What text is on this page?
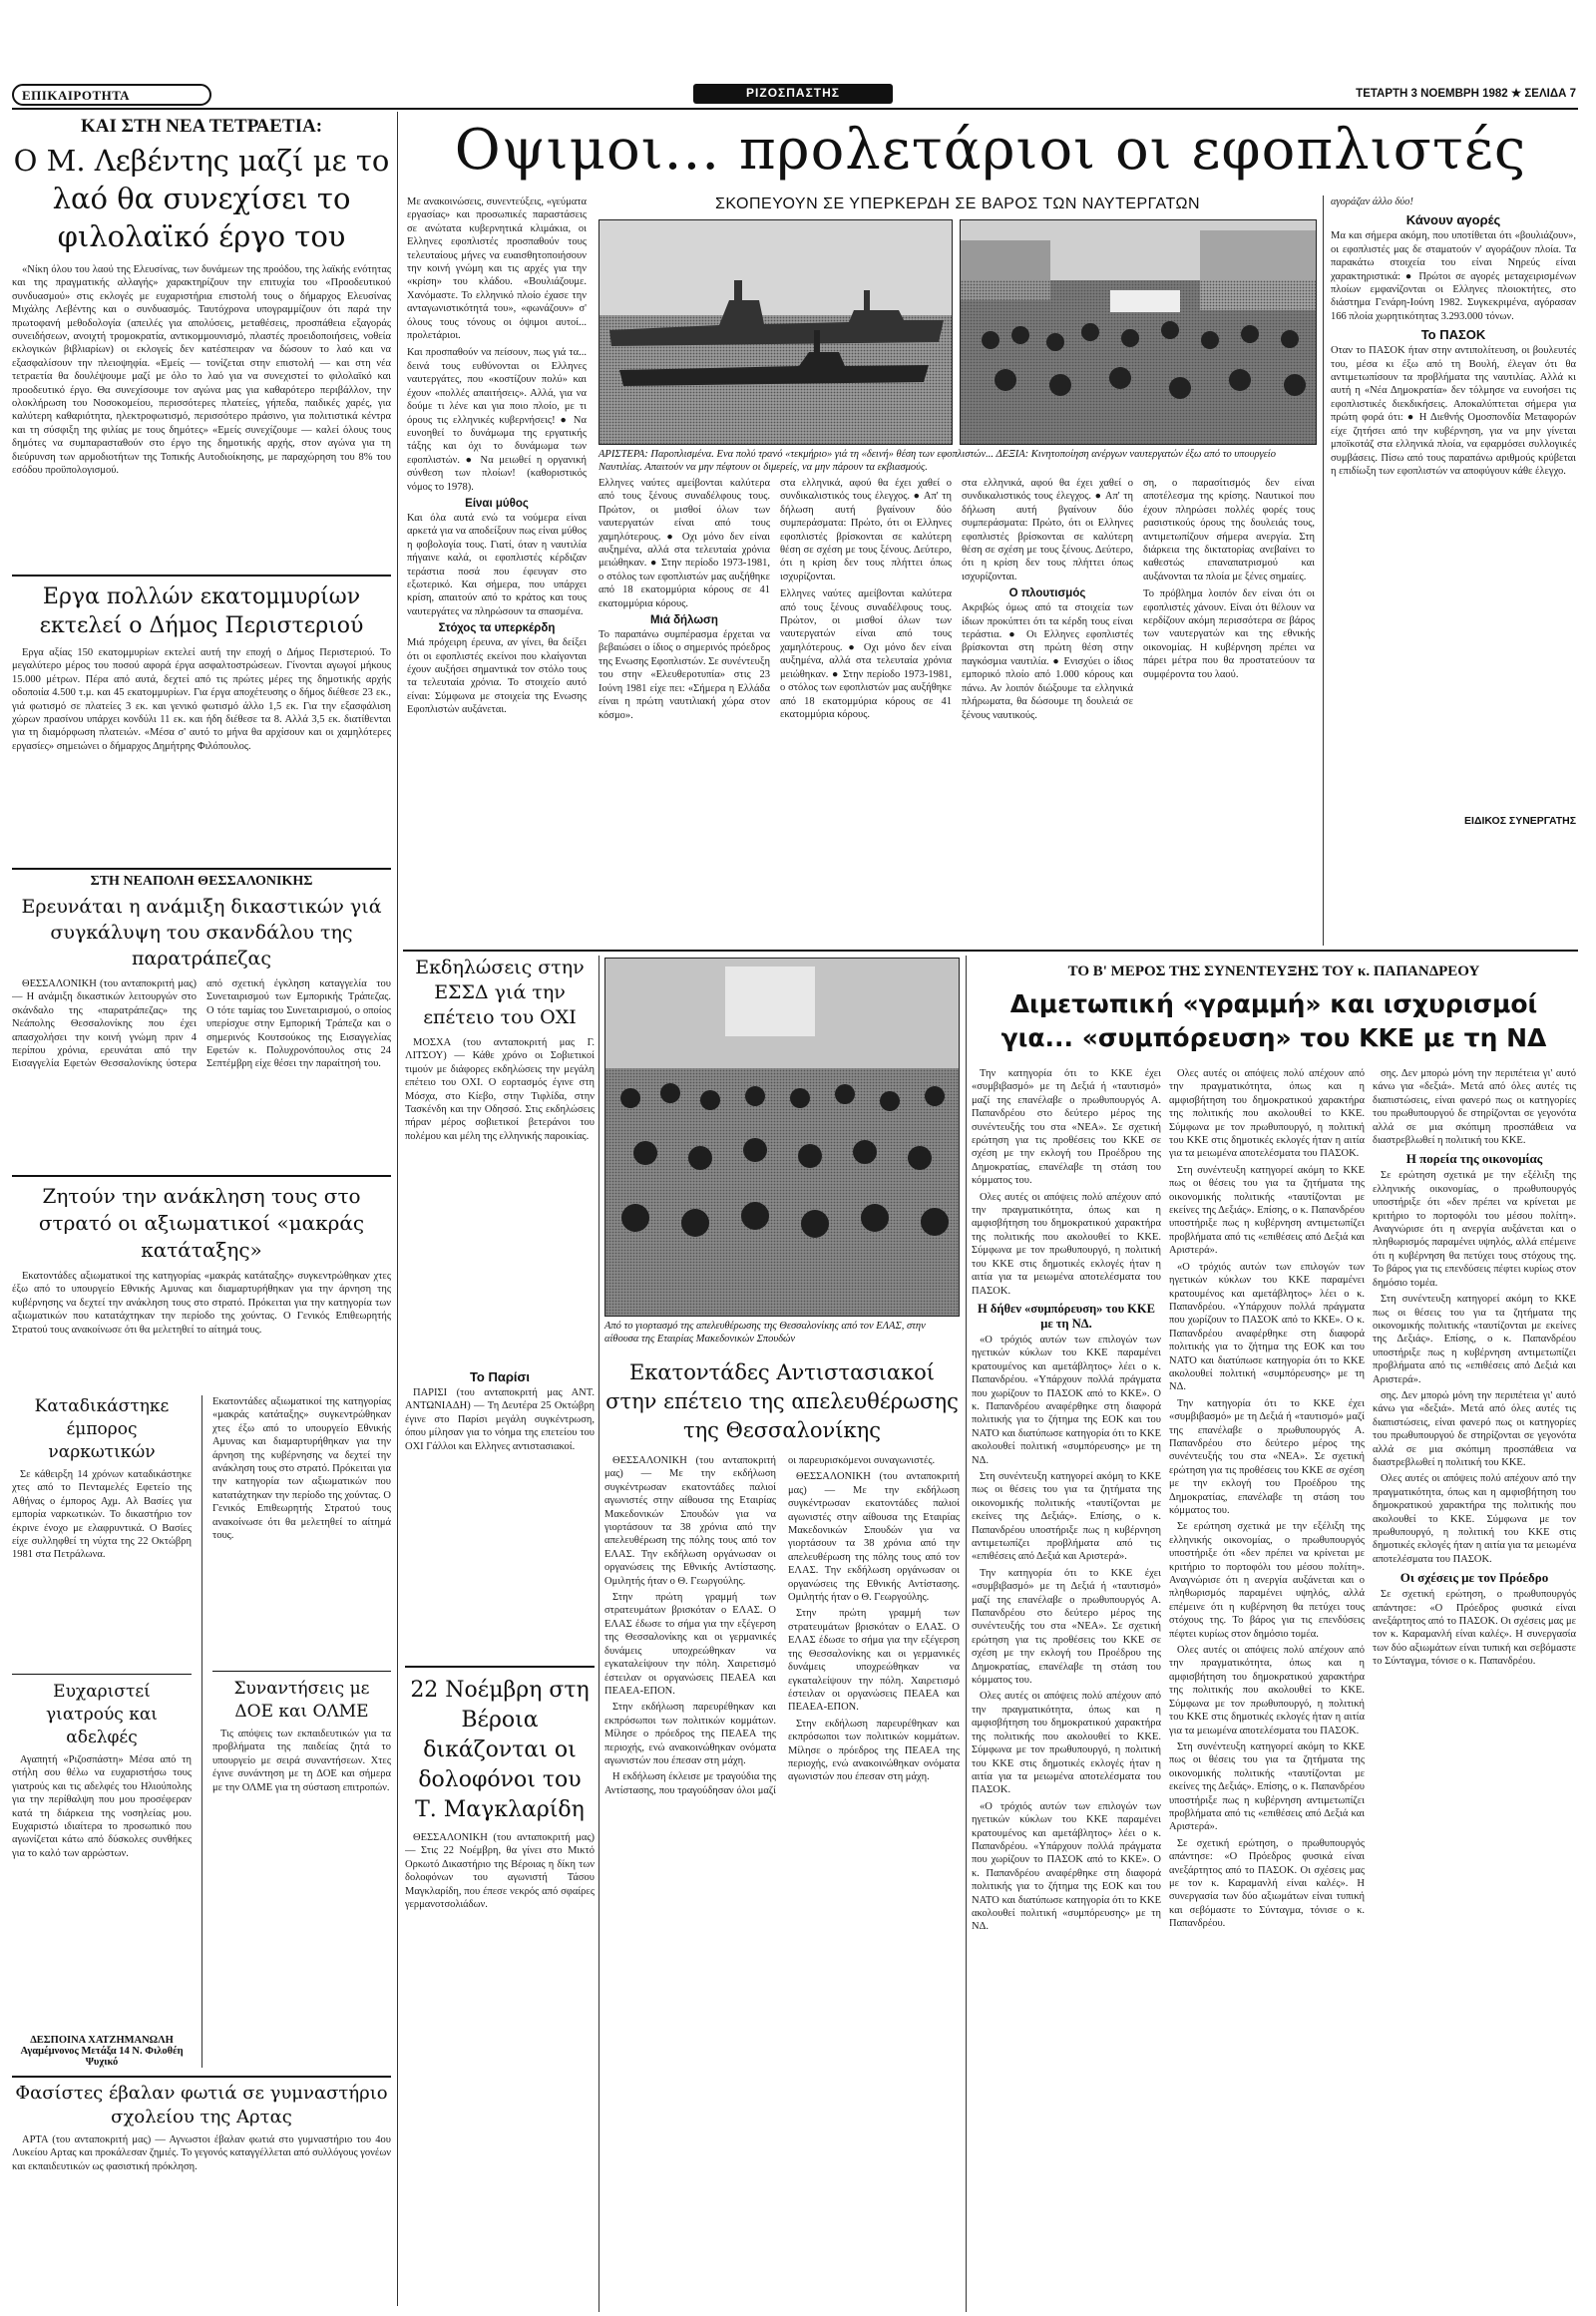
ΕΠΙΚΑΙΡΟΤΗΤΑ	ΡΙΖΟΣΠΑΣΤΗΣ	ΤΕΤΑΡΤΗ 3 ΝΟΕΜΒΡΗ 1982 ★ ΣΕΛΙΔΑ 7
ΚΑΙ ΣΤΗ ΝΕΑ ΤΕΤΡΑΕΤΙΑ:
Ο Μ. Λεβέντης μαζί με το λαό θα συνεχίσει το φιλολαϊκό έργο του
«Νίκη όλου του λαού της Ελευσίνας, των δυνάμεων της προόδου, της λαϊκής ενότητας και της πραγματικής αλλαγής» χαρακτηρίζουν την επιτυχία του «Προοδευτικού συνδυασμού» στις εκλογές με ευχαριστήρια επιστολή τους ο δήμαρχος Ελευσίνας Μιχάλης Λεβέντης και ο συνδυασμός. Ταυτόχρονα υπογραμμίζουν ότι παρά την πρωτοφανή μεθοδολογία (απειλές για απολύσεις, μεταθέσεις, προσπάθεια εξαγοράς συνειδήσεων, ανοιχτή τρομοκρατία, αντικομμουνισμό, πλαστές προειδοποιήσεις, νοθεία εκλογικών βιβλιαρίων) οι εκλογείς δεν κατέσπειραν να δώσουν το λαό και να εξασφαλίσουν την πλειοψηφία. «Εμείς — τονίζεται στην επιστολή — και στη νέα τετραετία θα δουλέψουμε μαζί με όλο το λαό για να συνεχιστεί το φιλολαϊκό και προοδευτικό έργο. Θα συνεχίσουμε τον αγώνα μας για καθαρότερο περιβάλλον, την ολοκλήρωση του Νοσοκομείου, περισσότερες πλατείες, γήπεδα, παιδικές χαρές, για καλύτερη καθαριότητα, ηλεκτροφωτισμό, περισσότερο πράσινο, για πολιτιστικά κέντρα και τη σύσφιξη της φιλίας με τους δημότες» «Εμείς συνεχίζουμε — καλεί όλους τους δημότες να συμπαρασταθούν στο έργο της δημοτικής αρχής, στον αγώνα για τη διεύρυνση των αρμοδιοτήτων της Τοπικής Αυτοδιοίκησης, με παραχώρηση του 8% του εσόδου προϋπολογισμού.
Εργα πολλών εκατομμυρίων εκτελεί ο Δήμος Περιστεριού
Εργα αξίας 150 εκατομμυρίων εκτελεί αυτή την εποχή ο Δήμος Περιστεριού. Το μεγαλύτερο μέρος του ποσού αφορά έργα ασφαλτοστρώσεων. Γίνονται αγωγοί μήκους 15.000 μέτρων. Πέρα από αυτά, δεχτεί από τις πρώτες μέρες της δημοτικής αρχής οδοποιία 4.500 τ.μ. και 45 εκατομμυρίων. Για έργα αποχέτευσης ο δήμος διέθεσε 23 εκ., γιά φωτισμό σε πλατείες 3 εκ. και γενικό φωτισμό άλλο 1,5 εκ. Για την εξασφάλιση χώρων πρασίνου υπάρχει κονδύλι 11 εκ. και ήδη διέθεσε τα 8. Αλλά 3,5 εκ. διατίθενται για τη διαμόρφωση πλατειών. «Μέσα σ' αυτό το μήνα θα αρχίσουν και οι χαμηλότερες εργασίες» σημειώνει ο δήμαρχος Δημήτρης Φιλόπουλος.
ΣΤΗ ΝΕΑΠΟΛΗ ΘΕΣΣΑΛΟΝΙΚΗΣ
Ερευνάται η ανάμιξη δικαστικών γιά συγκάλυψη του σκανδάλου της παρατράπεζας
ΘΕΣΣΑΛΟΝΙΚΗ (του ανταποκριτή μας) — Η ανάμιξη δικαστικών λειτουργών στο σκάνδαλο της «παρατράπεζας» της Νεάπολης Θεσσαλονίκης που έχει απασχολήσει την κοινή γνώμη πριν 4 περίπου χρόνια, ερευνάται από την Εισαγγελία Εφετών Θεσσαλονίκης ύστερα από σχετική έγκληση καταγγελία του Συνεταιρισμού των Εμπορικής Τράπεζας. Ο τότε ταμίας του Συνεταιρισμού, ο οποίος υπερίσχυε στην Εμπορική Τράπεζα και ο σημερινός Κουτσούκος της Εισαγγελίας Εφετών κ. Πολυχρονόπουλος στις 24 Σεπτέμβρη είχε θέσει την παραίτησή του.
Ζητούν την ανάκληση τους στο στρατό οι αξιωματικοί «μακράς κατάταξης»
Εκατοντάδες αξιωματικοί της κατηγορίας «μακράς κατάταξης» συγκεντρώθηκαν χτες έξω από το υπουργείο Εθνικής Αμυνας και διαμαρτυρήθηκαν για την άρνηση της κυβέρνησης να δεχτεί την ανάκληση τους στο στρατό. Πρόκειται για την κατηγορία των αξιωματικών που κατατάχτηκαν την περίοδο της χούντας. Ο Γενικός Επιθεωρητής Στρατού τους ανακοίνωσε ότι θα μελετηθεί το αίτημά τους.
Καταδικάστηκε έμπορος ναρκωτικών
Σε κάθειρξη 14 χρόνων καταδικάστηκε χτες από το Πενταμελές Εφετείο της Αθήνας ο έμπορος Αχμ. Αλ Βασίες για εμπορία ναρκωτικών. Το δικαστήριο τον έκρινε ένοχο με ελαφρυντικά. Ο Βασίες είχε συλληφθεί τη νύχτα της 22 Οκτώβρη 1981 στα Πετράλωνα.
Ευχαριστεί γιατρούς και αδελφές
Αγαπητή «Ριζοσπάστη» Μέσα από τη στήλη σου θέλω να ευχαριστήσω τους γιατρούς και τις αδελφές του Ηλιούπολης για την περίθαλψη που μου προσέφεραν κατά τη διάρκεια της νοσηλείας μου. Ευχαριστώ ιδιαίτερα το προσωπικό που αγωνίζεται κάτω από δύσκολες συνθήκες για το καλό των αρρώστων.
ΔΕΣΠΟΙΝΑ ΧΑΤΖΗΜΑΝΩΛΗ Αγαμέμνονος Μετάξα 14 Ν. Φιλοθέη Ψυχικό
Εκατοντάδες αξιωματικοί της κατηγορίας «μακράς κατάταξης» συγκεντρώθηκαν χτες έξω από το υπουργείο Εθνικής Αμυνας και διαμαρτυρήθηκαν για την άρνηση της κυβέρνησης να δεχτεί την ανάκληση τους στο στρατό. Πρόκειται για την κατηγορία των αξιωματικών που κατατάχτηκαν την περίοδο της χούντας. Ο Γενικός Επιθεωρητής Στρατού τους ανακοίνωσε ότι θα μελετηθεί το αίτημά τους.
Συναντήσεις με ΔΟΕ και ΟΛΜΕ
Τις απόψεις των εκπαιδευτικών για τα προβλήματα της παιδείας ζητά το υπουργείο με σειρά συναντήσεων. Χτες έγινε συνάντηση με τη ΔΟΕ και σήμερα με την ΟΛΜΕ για τη σύσταση επιτροπών.
Φασίστες έβαλαν φωτιά σε γυμναστήριο σχολείου της Αρτας
ΑΡΤΑ (του ανταποκριτή μας) — Αγνωστοι έβαλαν φωτιά στο γυμναστήριο του 4ου Λυκείου Αρτας και προκάλεσαν ζημιές. Το γεγονός καταγγέλλεται από συλλόγους γονέων και εκπαιδευτικών ως φασιστική πρόκληση.
Οψιμοι... προλετάριοι οι εφοπλιστές
Με ανακοινώσεις, συνεντεύξεις, «γεύματα εργασίας» και προσωπικές παραστάσεις σε ανώτατα κυβερνητικά κλιμάκια, οι Ελληνες εφοπλιστές προσπαθούν τους τελευταίους μήνες να ευαισθητοποιήσουν την κοινή γνώμη και τις αρχές για την «κρίση» του κλάδου. «Βουλιάζουμε. Χανόμαστε. Το ελληνικό πλοίο έχασε την ανταγωνιστικότητά του», «φωνάζουν» σ' όλους τους τόνους οι όψιμοι αυτοί... προλετάριοι.
Και προσπαθούν να πείσουν, πως γιά τα... δεινά τους ευθύνονται οι Ελληνες ναυτεργάτες, που «κοστίζουν πολύ» και έχουν «πολλές απαιτήσεις». Αλλά, για να δούμε τι λένε και για ποιο πλοίο, με τι όρους τις ελληνικές κυβερνήσεις! ● Να ευνοηθεί το δυνάμωμα της εργατικής τάξης και όχι το δυνάμωμα των εφοπλιστών. ● Να μειωθεί η οργανική σύνθεση των πλοίων! (καθοριστικός νόμος το 1978).
Είναι μύθος
Και όλα αυτά ενώ τα νούμερα είναι αρκετά για να αποδείξουν πως είναι μύθος η φοβολογία τους. Γιατί, όταν η ναυτιλία πήγαινε καλά, οι εφοπλιστές κέρδιζαν τεράστια ποσά που έφευγαν στο εξωτερικό. Και σήμερα, που υπάρχει κρίση, απαιτούν από το κράτος και τους ναυτεργάτες να πληρώσουν τα σπασμένα.
Στόχος τα υπερκέρδη
Μιά πρόχειρη έρευνα, αν γίνει, θα δείξει ότι οι εφοπλιστές εκείνοι που κλαίγονται έχουν αυξήσει σημαντικά τον στόλο τους τα τελευταία χρόνια. Το στοιχείο αυτό είναι: Σύμφωνα με στοιχεία της Ενωσης Εφοπλιστών αυξάνεται.
ΣΚΟΠΕΥΟΥΝ ΣΕ ΥΠΕΡΚΕΡΔΗ ΣΕ ΒΑΡΟΣ ΤΩΝ ΝΑΥΤΕΡΓΑΤΩΝ
ΑΡΙΣΤΕΡΑ: Παροπλισμένα. Ενα πολύ τρανό «τεκμήριο» γιά τη «δεινή» θέση των εφοπλιστών... ΔΕΞΙΑ: Κινητοποίηση ανέργων ναυτεργατών έξω από το υπουργείο Ναυτιλίας. Απαιτούν να μην πέφτουν οι διμερείς, να μην πάρουν τα εκβιασμούς.
Ελληνες ναύτες αμείβονται καλύτερα από τους ξένους συναδέλφους τους. Πρώτον, οι μισθοί όλων των ναυτεργατών είναι από τους χαμηλότερους. ● Οχι μόνο δεν είναι αυξημένα, αλλά στα τελευταία χρόνια μειώθηκαν. ● Στην περίοδο 1973-1981, ο στόλος των εφοπλιστών μας αυξήθηκε από 18 εκατομμύρια κόρους σε 41 εκατομμύρια κόρους.
Μιά δήλωση
Το παραπάνω συμπέρασμα έρχεται να βεβαιώσει ο ίδιος ο σημερινός πρόεδρος της Ενωσης Εφοπλιστών. Σε συνέντευξη του στην «Ελευθεροτυπία» στις 23 Ιούνη 1981 είχε πει: «Σήμερα η Ελλάδα είναι η πρώτη ναυτιλιακή χώρα στον κόσμο».
στα ελληνικά, αφού θα έχει χαθεί ο συνδικαλιστικός τους έλεγχος. ● Απ' τη δήλωση αυτή βγαίνουν δύο συμπεράσματα: Πρώτο, ότι οι Ελληνες εφοπλιστές βρίσκονται σε καλύτερη θέση σε σχέση με τους ξένους. Δεύτερο, ότι η κρίση δεν τους πλήττει όπως ισχυρίζονται.
Ελληνες ναύτες αμείβονται καλύτερα από τους ξένους συναδέλφους τους. Πρώτον, οι μισθοί όλων των ναυτεργατών είναι από τους χαμηλότερους. ● Οχι μόνο δεν είναι αυξημένα, αλλά στα τελευταία χρόνια μειώθηκαν. ● Στην περίοδο 1973-1981, ο στόλος των εφοπλιστών μας αυξήθηκε από 18 εκατομμύρια κόρους σε 41 εκατομμύρια κόρους.
στα ελληνικά, αφού θα έχει χαθεί ο συνδικαλιστικός τους έλεγχος. ● Απ' τη δήλωση αυτή βγαίνουν δύο συμπεράσματα: Πρώτο, ότι οι Ελληνες εφοπλιστές βρίσκονται σε καλύτερη θέση σε σχέση με τους ξένους. Δεύτερο, ότι η κρίση δεν τους πλήττει όπως ισχυρίζονται.
Ο πλουτισμός
Ακριβώς όμως από τα στοιχεία των ίδιων προκύπτει ότι τα κέρδη τους είναι τεράστια. ● Οι Ελληνες εφοπλιστές βρίσκονται στη πρώτη θέση στην παγκόσμια ναυτιλία. ● Ενισχύει ο ίδιος εμπορικό πλοίο από 1.000 κόρους και πάνω. Αν λοιπόν διώξουμε τα ελληνικά πλήρωματα, θα δώσουμε τη δουλειά σε ξένους ναυτικούς.
ση, ο παρασίτισμός δεν είναι αποτέλεσμα της κρίσης. Ναυτικοί που έχουν πληρώσει πολλές φορές τους ρασιστικούς όρους της δουλειάς τους, αντιμετωπίζουν σήμερα ανεργία. Στη διάρκεια της δικτατορίας ανεβαίνει το καθεστώς επαναπατρισμού και αυξάνονται τα πλοία με ξένες σημαίες.
Το πρόβλημα λοιπόν δεν είναι ότι οι εφοπλιστές χάνουν. Είναι ότι θέλουν να κερδίζουν ακόμη περισσότερα σε βάρος των ναυτεργατών και της εθνικής οικονομίας. Η κυβέρνηση πρέπει να πάρει μέτρα που θα προστατεύουν τα συμφέροντα του λαού.
αγοράζαν άλλο δύο!
Κάνουν αγορές
Μα και σήμερα ακόμη, που υποτίθεται ότι «βουλιάζουν», οι εφοπλιστές μας δε σταματούν ν' αγοράζουν πλοία. Τα παρακάτω στοιχεία του είναι Νηρεύς είναι χαρακτηριστικά: ● Πρώτοι σε αγορές μεταχειρισμένων πλοίων εμφανίζονται οι Ελληνες πλοιοκτήτες, στο διάστημα Γενάρη-Ιούνη 1982. Συγκεκριμένα, αγόρασαν 166 πλοία χωρητικότητας 3.293.000 τόνων.
Το ΠΑΣΟΚ
Οταν το ΠΑΣΟΚ ήταν στην αντιπολίτευση, οι βουλευτές του, μέσα κι έξω από τη Βουλή, έλεγαν ότι θα αντιμετωπίσουν τα προβλήματα της ναυτιλίας. Αλλά κι αυτή η «Νέα Δημοκρατία» δεν τόλμησε να ευνοήσει τις εφοπλιστικές διεκδικήσεις. Αποκαλύπτεται σήμερα για πρώτη φορά ότι: ● Η Διεθνής Ομοσπονδία Μεταφορών είχε ζητήσει από την κυβέρνηση, για να μην γίνεται μποϊκοτάζ στα ελληνικά πλοία, να εφαρμόσει συλλογικές συμβάσεις. Πίσω από τους παραπάνω αριθμούς κρύβεται η επιδίωξη των εφοπλιστών να αποφύγουν κάθε έλεγχο.
ΕΙΔΙΚΟΣ ΣΥΝΕΡΓΑΤΗΣ
Εκδηλώσεις στην ΕΣΣΔ γιά την επέτειο του ΟΧΙ
ΜΟΣΧΑ (του ανταποκριτή μας Γ. ΛΙΤΣΟΥ) — Κάθε χρόνο οι Σοβιετικοί τιμούν με διάφορες εκδηλώσεις την μεγάλη επέτειο του ΟΧΙ. Ο εορτασμός έγινε στη Μόσχα, στο Κίεβο, στην Τιφλίδα, στην Τασκένδη και την Οδησσό. Στις εκδηλώσεις πήραν μέρος σοβιετικοί βετεράνοι του πολέμου και μέλη της ελληνικής παροικίας.
Το Παρίσι
ΠΑΡΙΣΙ (του ανταποκριτή μας ΑΝΤ. ΑΝΤΩΝΙΑΔΗ) — Τη Δευτέρα 25 Οκτώβρη έγινε στο Παρίσι μεγάλη συγκέντρωση, όπου μίλησαν για το νόημα της επετείου του ΟΧΙ Γάλλοι και Ελληνες αντιστασιακοί.
22 Νοέμβρη στη Βέροια δικάζονται οι δολοφόνοι του Τ. Μαγκλαρίδη
ΘΕΣΣΑΛΟΝΙΚΗ (του ανταποκριτή μας) — Στις 22 Νοέμβρη, θα γίνει στο Μικτό Ορκωτό Δικαστήριο της Βέροιας η δίκη των δολοφόνων του αγωνιστή Τάσου Μαγκλαρίδη, που έπεσε νεκρός από σφαίρες γερμανοτσολιάδων.
Από το γιορτασμό της απελευθέρωσης της Θεσσαλονίκης από τον ΕΛΑΣ, στην αίθουσα της Εταιρίας Μακεδονικών Σπουδών
Εκατοντάδες Αντιστασιακοί στην επέτειο της απελευθέρωσης της Θεσσαλονίκης
ΘΕΣΣΑΛΟΝΙΚΗ (του ανταποκριτή μας) — Με την εκδήλωση συγκέντρωσαν εκατοντάδες παλιοί αγωνιστές στην αίθουσα της Εταιρίας Μακεδονικών Σπουδών για να γιορτάσουν τα 38 χρόνια από την απελευθέρωση της πόλης τους από τον ΕΛΑΣ. Την εκδήλωση οργάνωσαν οι οργανώσεις της Εθνικής Αντίστασης. Ομιλητής ήταν ο Θ. Γεωργούλης.
Στην πρώτη γραμμή των στρατευμάτων βρισκόταν ο ΕΛΑΣ. Ο ΕΛΑΣ έδωσε το σήμα για την εξέγερση της Θεσσαλονίκης και οι γερμανικές δυνάμεις υποχρεώθηκαν να εγκαταλείψουν την πόλη. Χαιρετισμό έστειλαν οι οργανώσεις ΠΕΑΕΑ και ΠΕΑΕΑ-ΕΠΟΝ.
Στην εκδήλωση παρευρέθηκαν και εκπρόσωποι των πολιτικών κομμάτων. Μίλησε ο πρόεδρος της ΠΕΑΕΑ της περιοχής, ενώ ανακοινώθηκαν ονόματα αγωνιστών που έπεσαν στη μάχη.
Η εκδήλωση έκλεισε με τραγούδια της Αντίστασης, που τραγούδησαν όλοι μαζί οι παρευρισκόμενοι συναγωνιστές.
ΘΕΣΣΑΛΟΝΙΚΗ (του ανταποκριτή μας) — Με την εκδήλωση συγκέντρωσαν εκατοντάδες παλιοί αγωνιστές στην αίθουσα της Εταιρίας Μακεδονικών Σπουδών για να γιορτάσουν τα 38 χρόνια από την απελευθέρωση της πόλης τους από τον ΕΛΑΣ. Την εκδήλωση οργάνωσαν οι οργανώσεις της Εθνικής Αντίστασης. Ομιλητής ήταν ο Θ. Γεωργούλης.
Στην πρώτη γραμμή των στρατευμάτων βρισκόταν ο ΕΛΑΣ. Ο ΕΛΑΣ έδωσε το σήμα για την εξέγερση της Θεσσαλονίκης και οι γερμανικές δυνάμεις υποχρεώθηκαν να εγκαταλείψουν την πόλη. Χαιρετισμό έστειλαν οι οργανώσεις ΠΕΑΕΑ και ΠΕΑΕΑ-ΕΠΟΝ.
Στην εκδήλωση παρευρέθηκαν και εκπρόσωποι των πολιτικών κομμάτων. Μίλησε ο πρόεδρος της ΠΕΑΕΑ της περιοχής, ενώ ανακοινώθηκαν ονόματα αγωνιστών που έπεσαν στη μάχη.
ΤΟ Β' ΜΕΡΟΣ ΤΗΣ ΣΥΝΕΝΤΕΥΞΗΣ ΤΟΥ κ. ΠΑΠΑΝΔΡΕΟΥ
Διμετωπική «γραμμή» και ισχυρισμοί
για... «συμπόρευση» του ΚΚΕ με τη ΝΔ
Την κατηγορία ότι το ΚΚΕ έχει «συμβιβασμό» με τη Δεξιά ή «ταυτισμό» μαζί της επανέλαβε ο πρωθυπουργός Α. Παπανδρέου στο δεύτερο μέρος της συνέντευξής του στα «ΝΕΑ». Σε σχετική ερώτηση για τις προθέσεις του ΚΚΕ σε σχέση με την εκλογή του Προέδρου της Δημοκρατίας, επανέλαβε τη στάση του κόμματος του.
Ολες αυτές οι απόψεις πολύ απέχουν από την πραγματικότητα, όπως και η αμφισβήτηση του δημοκρατικού χαρακτήρα της πολιτικής που ακολουθεί το ΚΚΕ. Σύμφωνα με τον πρωθυπουργό, η πολιτική του ΚΚΕ στις δημοτικές εκλογές ήταν η αιτία για τα μειωμένα αποτελέσματα του ΠΑΣΟΚ.
Η δήθεν «συμπόρευση» του ΚΚΕ με τη ΝΔ.
«Ο τρόχιός αυτών των επιλογών των ηγετικών κύκλων του ΚΚΕ παραμένει κρατουμένος και αμετάβλητος» λέει ο κ. Παπανδρέου. «Υπάρχουν πολλά πράγματα που χωρίζουν το ΠΑΣΟΚ από το ΚΚΕ». Ο κ. Παπανδρέου αναφέρθηκε στη διαφορά πολιτικής για το ζήτημα της ΕΟΚ και του ΝΑΤΟ και διατύπωσε κατηγορία ότι το ΚΚΕ ακολουθεί πολιτική «συμπόρευσης» με τη ΝΔ.
Στη συνέντευξη κατηγορεί ακόμη το ΚΚΕ πως οι θέσεις του για τα ζητήματα της οικονομικής πολιτικής «ταυτίζονται με εκείνες της Δεξιάς». Επίσης, ο κ. Παπανδρέου υποστήριξε πως η κυβέρνηση αντιμετωπίζει προβλήματα από τις «επιθέσεις από Δεξιά και Αριστερά».
Την κατηγορία ότι το ΚΚΕ έχει «συμβιβασμό» με τη Δεξιά ή «ταυτισμό» μαζί της επανέλαβε ο πρωθυπουργός Α. Παπανδρέου στο δεύτερο μέρος της συνέντευξής του στα «ΝΕΑ». Σε σχετική ερώτηση για τις προθέσεις του ΚΚΕ σε σχέση με την εκλογή του Προέδρου της Δημοκρατίας, επανέλαβε τη στάση του κόμματος του.
Ολες αυτές οι απόψεις πολύ απέχουν από την πραγματικότητα, όπως και η αμφισβήτηση του δημοκρατικού χαρακτήρα της πολιτικής που ακολουθεί το ΚΚΕ. Σύμφωνα με τον πρωθυπουργό, η πολιτική του ΚΚΕ στις δημοτικές εκλογές ήταν η αιτία για τα μειωμένα αποτελέσματα του ΠΑΣΟΚ.
«Ο τρόχιός αυτών των επιλογών των ηγετικών κύκλων του ΚΚΕ παραμένει κρατουμένος και αμετάβλητος» λέει ο κ. Παπανδρέου. «Υπάρχουν πολλά πράγματα που χωρίζουν το ΠΑΣΟΚ από το ΚΚΕ». Ο κ. Παπανδρέου αναφέρθηκε στη διαφορά πολιτικής για το ζήτημα της ΕΟΚ και του ΝΑΤΟ και διατύπωσε κατηγορία ότι το ΚΚΕ ακολουθεί πολιτική «συμπόρευσης» με τη ΝΔ.
Ολες αυτές οι απόψεις πολύ απέχουν από την πραγματικότητα, όπως και η αμφισβήτηση του δημοκρατικού χαρακτήρα της πολιτικής που ακολουθεί το ΚΚΕ. Σύμφωνα με τον πρωθυπουργό, η πολιτική του ΚΚΕ στις δημοτικές εκλογές ήταν η αιτία για τα μειωμένα αποτελέσματα του ΠΑΣΟΚ.
Στη συνέντευξη κατηγορεί ακόμη το ΚΚΕ πως οι θέσεις του για τα ζητήματα της οικονομικής πολιτικής «ταυτίζονται με εκείνες της Δεξιάς». Επίσης, ο κ. Παπανδρέου υποστήριξε πως η κυβέρνηση αντιμετωπίζει προβλήματα από τις «επιθέσεις από Δεξιά και Αριστερά».
«Ο τρόχιός αυτών των επιλογών των ηγετικών κύκλων του ΚΚΕ παραμένει κρατουμένος και αμετάβλητος» λέει ο κ. Παπανδρέου. «Υπάρχουν πολλά πράγματα που χωρίζουν το ΠΑΣΟΚ από το ΚΚΕ». Ο κ. Παπανδρέου αναφέρθηκε στη διαφορά πολιτικής για το ζήτημα της ΕΟΚ και του ΝΑΤΟ και διατύπωσε κατηγορία ότι το ΚΚΕ ακολουθεί πολιτική «συμπόρευσης» με τη ΝΔ.
Την κατηγορία ότι το ΚΚΕ έχει «συμβιβασμό» με τη Δεξιά ή «ταυτισμό» μαζί της επανέλαβε ο πρωθυπουργός Α. Παπανδρέου στο δεύτερο μέρος της συνέντευξής του στα «ΝΕΑ». Σε σχετική ερώτηση για τις προθέσεις του ΚΚΕ σε σχέση με την εκλογή του Προέδρου της Δημοκρατίας, επανέλαβε τη στάση του κόμματος του.
Σε ερώτηση σχετικά με την εξέλιξη της ελληνικής οικονομίας, ο πρωθυπουργός υποστήριξε ότι «δεν πρέπει να κρίνεται με κριτήριο το πορτοφόλι του μέσου πολίτη». Αναγνώρισε ότι η ανεργία αυξάνεται και ο πληθωρισμός παραμένει υψηλός, αλλά επέμεινε ότι η κυβέρνηση θα πετύχει τους στόχους της. Το βάρος για τις επενδύσεις πέφτει κυρίως στον δημόσιο τομέα.
Ολες αυτές οι απόψεις πολύ απέχουν από την πραγματικότητα, όπως και η αμφισβήτηση του δημοκρατικού χαρακτήρα της πολιτικής που ακολουθεί το ΚΚΕ. Σύμφωνα με τον πρωθυπουργό, η πολιτική του ΚΚΕ στις δημοτικές εκλογές ήταν η αιτία για τα μειωμένα αποτελέσματα του ΠΑΣΟΚ.
Στη συνέντευξη κατηγορεί ακόμη το ΚΚΕ πως οι θέσεις του για τα ζητήματα της οικονομικής πολιτικής «ταυτίζονται με εκείνες της Δεξιάς». Επίσης, ο κ. Παπανδρέου υποστήριξε πως η κυβέρνηση αντιμετωπίζει προβλήματα από τις «επιθέσεις από Δεξιά και Αριστερά».
Σε σχετική ερώτηση, ο πρωθυπουργός απάντησε: «Ο Πρόεδρος φυσικά είναι ανεξάρτητος από το ΠΑΣΟΚ. Οι σχέσεις μας με τον κ. Καραμανλή είναι καλές». Η συνεργασία των δύο αξιωμάτων είναι τυπική και σεβόμαστε το Σύνταγμα, τόνισε ο κ. Παπανδρέου.
σης. Δεν μπορώ μόνη την περιπέτεια γι' αυτό κάνω για «δεξιά». Μετά από όλες αυτές τις διαπιστώσεις, είναι φανερό πως οι κατηγορίες του πρωθυπουργού δε στηρίζονται σε γεγονότα αλλά σε μια σκόπιμη προσπάθεια να διαστρεβλωθεί η πολιτική του ΚΚΕ.
Η πορεία της οικονομίας
Σε ερώτηση σχετικά με την εξέλιξη της ελληνικής οικονομίας, ο πρωθυπουργός υποστήριξε ότι «δεν πρέπει να κρίνεται με κριτήριο το πορτοφόλι του μέσου πολίτη». Αναγνώρισε ότι η ανεργία αυξάνεται και ο πληθωρισμός παραμένει υψηλός, αλλά επέμεινε ότι η κυβέρνηση θα πετύχει τους στόχους της. Το βάρος για τις επενδύσεις πέφτει κυρίως στον δημόσιο τομέα.
Στη συνέντευξη κατηγορεί ακόμη το ΚΚΕ πως οι θέσεις του για τα ζητήματα της οικονομικής πολιτικής «ταυτίζονται με εκείνες της Δεξιάς». Επίσης, ο κ. Παπανδρέου υποστήριξε πως η κυβέρνηση αντιμετωπίζει προβλήματα από τις «επιθέσεις από Δεξιά και Αριστερά».
σης. Δεν μπορώ μόνη την περιπέτεια γι' αυτό κάνω για «δεξιά». Μετά από όλες αυτές τις διαπιστώσεις, είναι φανερό πως οι κατηγορίες του πρωθυπουργού δε στηρίζονται σε γεγονότα αλλά σε μια σκόπιμη προσπάθεια να διαστρεβλωθεί η πολιτική του ΚΚΕ.
Ολες αυτές οι απόψεις πολύ απέχουν από την πραγματικότητα, όπως και η αμφισβήτηση του δημοκρατικού χαρακτήρα της πολιτικής που ακολουθεί το ΚΚΕ. Σύμφωνα με τον πρωθυπουργό, η πολιτική του ΚΚΕ στις δημοτικές εκλογές ήταν η αιτία για τα μειωμένα αποτελέσματα του ΠΑΣΟΚ.
Οι σχέσεις με τον Πρόεδρο
Σε σχετική ερώτηση, ο πρωθυπουργός απάντησε: «Ο Πρόεδρος φυσικά είναι ανεξάρτητος από το ΠΑΣΟΚ. Οι σχέσεις μας με τον κ. Καραμανλή είναι καλές». Η συνεργασία των δύο αξιωμάτων είναι τυπική και σεβόμαστε το Σύνταγμα, τόνισε ο κ. Παπανδρέου.
